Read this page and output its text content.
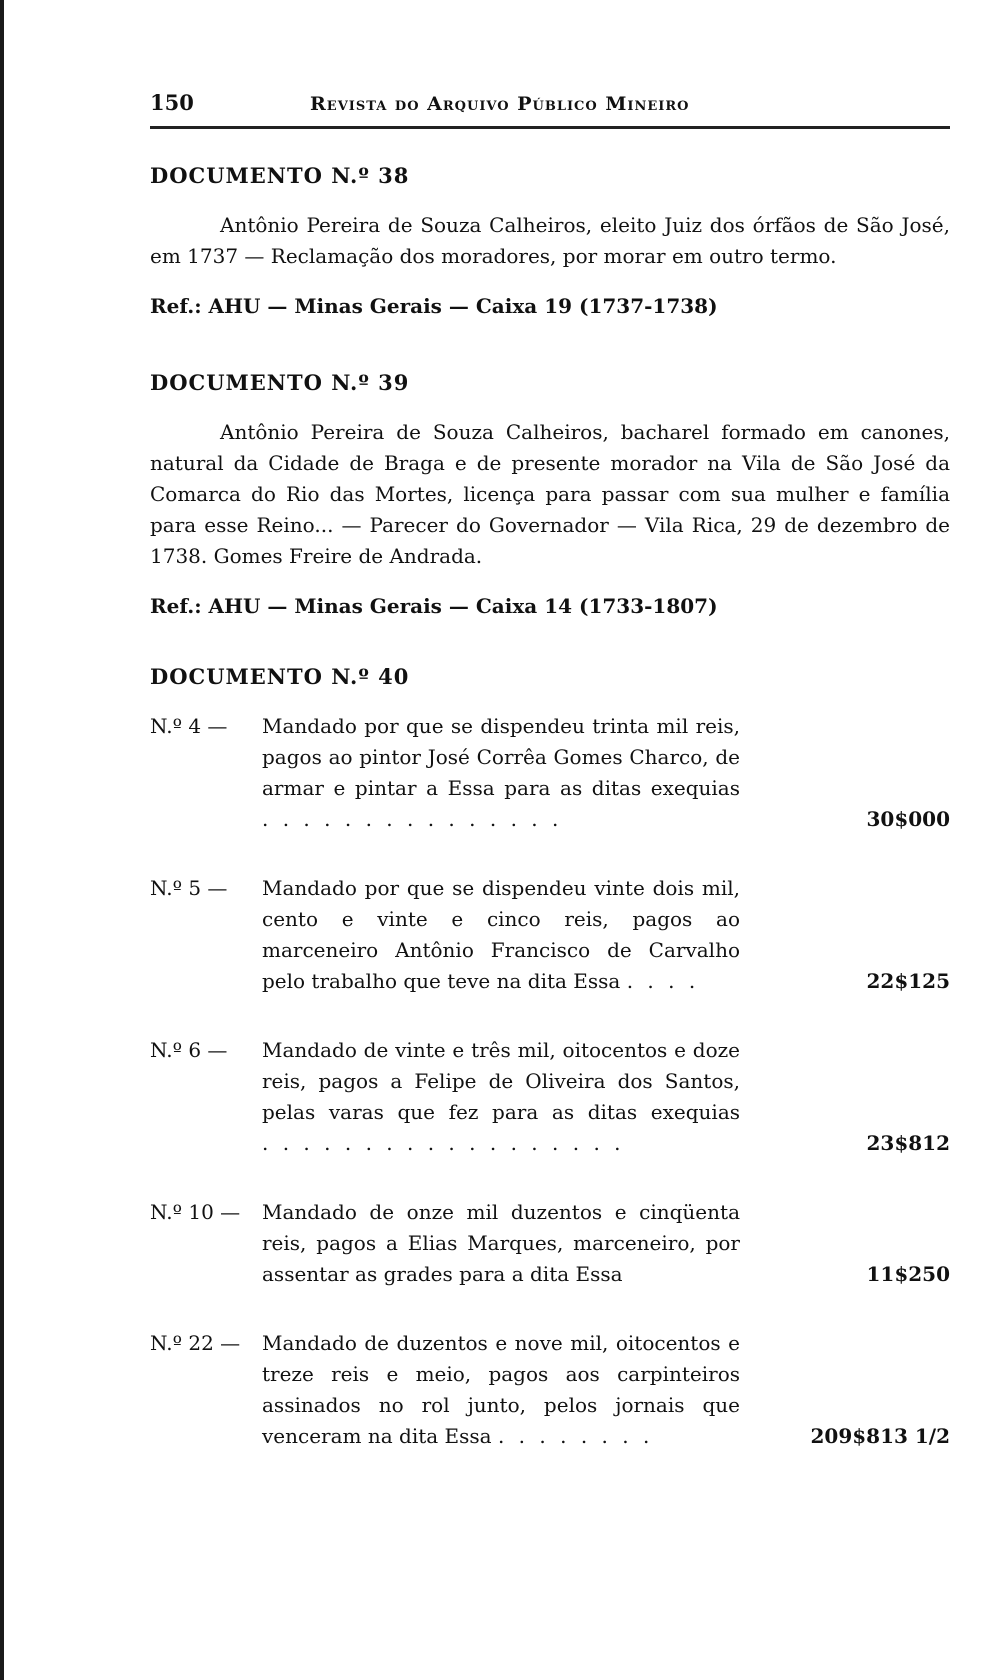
150	Revista do Arquivo Público Mineiro
DOCUMENTO N.º 38

Antônio Pereira de Souza Calheiros, eleito Juiz dos órfãos de São José, em 1737 — Reclamação dos moradores, por morar em outro termo.

Ref.: AHU — Minas Gerais — Caixa 19 (1737-1738)

DOCUMENTO N.º 39

Antônio Pereira de Souza Calheiros, bacharel formado em canones, natural da Cidade de Braga e de presente morador na Vila de São José da Comarca do Rio das Mortes, licença para passar com sua mulher e família para esse Reino... — Parecer do Governador — Vila Rica, 29 de dezembro de 1738. Gomes Freire de Andrada.

Ref.: AHU — Minas Gerais — Caixa 14 (1733-1807)

DOCUMENTO N.º 40
N.º 4 —	Mandado por que se dispendeu trinta mil reis, pagos ao pintor José Corrêa Gomes Charco, de armar e pintar a Essa para as ditas exequias . . . . . . . . . . . . . . .	30$000
N.º 5 —	Mandado por que se dispendeu vinte dois mil, cento e vinte e cinco reis, pagos ao marceneiro Antônio Francisco de Carvalho pelo trabalho que teve na dita Essa . . . .	22$125
N.º 6 —	Mandado de vinte e três mil, oitocentos e doze reis, pagos a Felipe de Oliveira dos Santos, pelas varas que fez para as ditas exequias . . . . . . . . . . . . . . . . . .	23$812
N.º 10 —	Mandado de onze mil duzentos e cinqüenta reis, pagos a Elias Marques, marceneiro, por assentar as grades para a dita Essa	11$250
N.º 22 —	Mandado de duzentos e nove mil, oitocentos e treze reis e meio, pagos aos carpinteiros assinados no rol junto, pelos jornais que venceram na dita Essa . . . . . . . .	209$813 1/2
